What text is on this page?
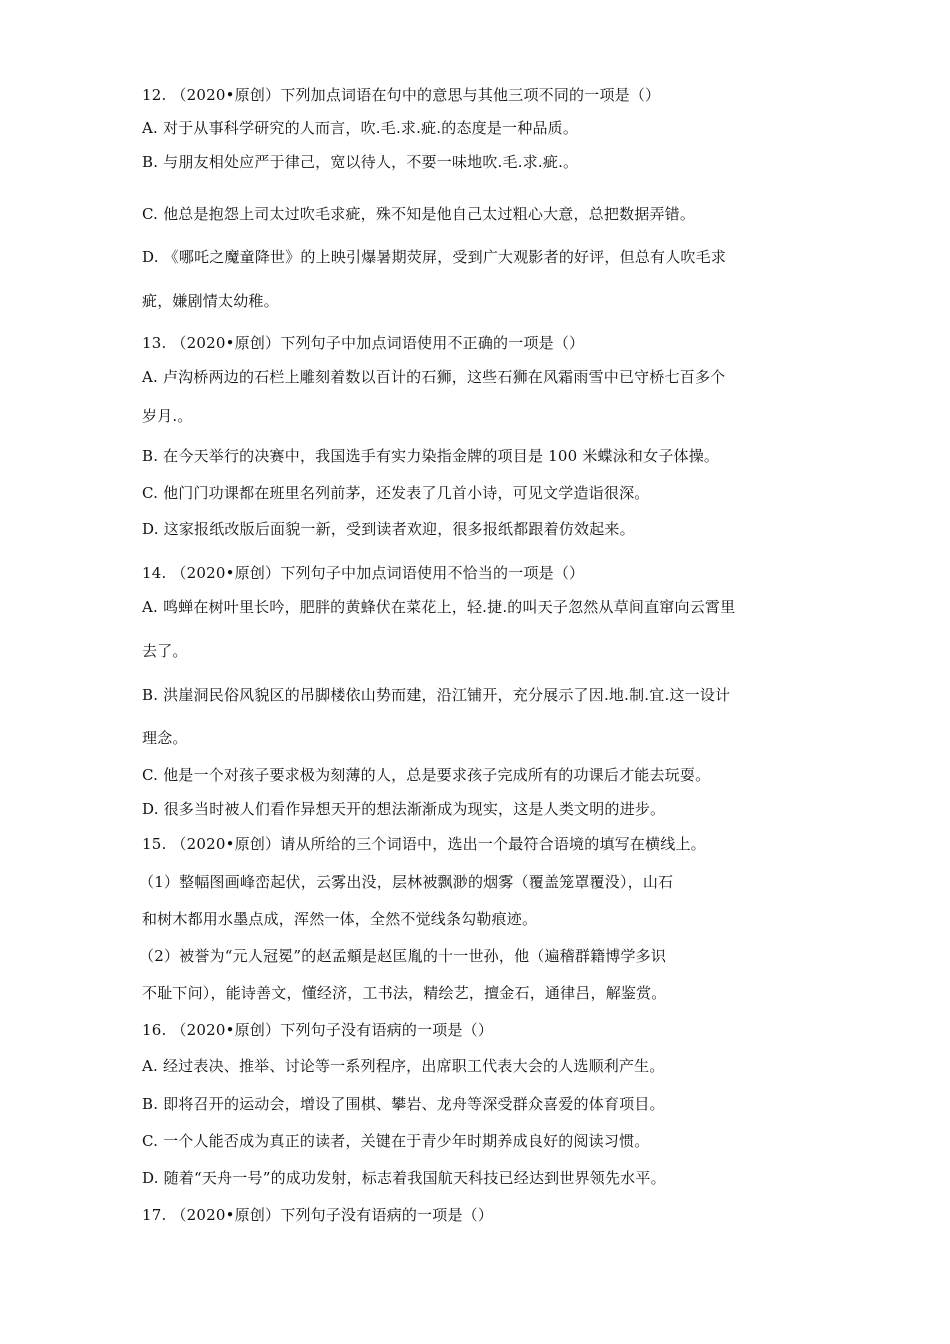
12. （2020•原创）下列加点词语在句中的意思与其他三项不同的一项是（）
A. 对于从事科学研究的人而言，吹.毛.求.疵.的态度是一种品质。
B. 与朋友相处应严于律己，宽以待人，不要一味地吹.毛.求.疵.。
C. 他总是抱怨上司太过吹毛求疵，殊不知是他自己太过粗心大意，总把数据弄错。
D. 《哪吒之魔童降世》的上映引爆暑期荧屏，受到广大观影者的好评，但总有人吹毛求
疵，嫌剧情太幼稚。
13. （2020•原创）下列句子中加点词语使用不正确的一项是（）
A. 卢沟桥两边的石栏上雕刻着数以百计的石狮，这些石狮在风霜雨雪中已守桥七百多个
岁月.。
B. 在今天举行的决赛中，我国选手有实力染指金牌的项目是 100 米蝶泳和女子体操。
C. 他门门功课都在班里名列前茅，还发表了几首小诗，可见文学造诣很深。
D. 这家报纸改版后面貌一新，受到读者欢迎，很多报纸都跟着仿效起来。
14. （2020•原创）下列句子中加点词语使用不恰当的一项是（）
A. 鸣蝉在树叶里长吟，肥胖的黄蜂伏在菜花上，轻.捷.的叫天子忽然从草间直窜向云霄里
去了。
B. 洪崖洞民俗风貌区的吊脚楼依山势而建，沿江铺开，充分展示了因.地.制.宜.这一设计
理念。
C. 他是一个对孩子要求极为刻薄的人，总是要求孩子完成所有的功课后才能去玩耍。
D. 很多当时被人们看作异想天开的想法渐渐成为现实，这是人类文明的进步。
15. （2020•原创）请从所给的三个词语中，选出一个最符合语境的填写在横线上。
（1）整幅图画峰峦起伏，云雾出没，层林被飘渺的烟雾（覆盖笼罩覆没），山石
和树木都用水墨点成，浑然一体，全然不觉线条勾勒痕迹。
（2）被誉为“元人冠冕”的赵孟頫是赵匡胤的十一世孙，他（遍稽群籍博学多识
不耻下问），能诗善文，懂经济，工书法，精绘艺，擅金石，通律吕，解鉴赏。
16. （2020•原创）下列句子没有语病的一项是（）
A. 经过表决、推举、讨论等一系列程序，出席职工代表大会的人选顺利产生。
B. 即将召开的运动会，增设了围棋、攀岩、龙舟等深受群众喜爱的体育项目。
C. 一个人能否成为真正的读者，关键在于青少年时期养成良好的阅读习惯。
D. 随着“天舟一号”的成功发射，标志着我国航天科技已经达到世界领先水平。
17. （2020•原创）下列句子没有语病的一项是（）
